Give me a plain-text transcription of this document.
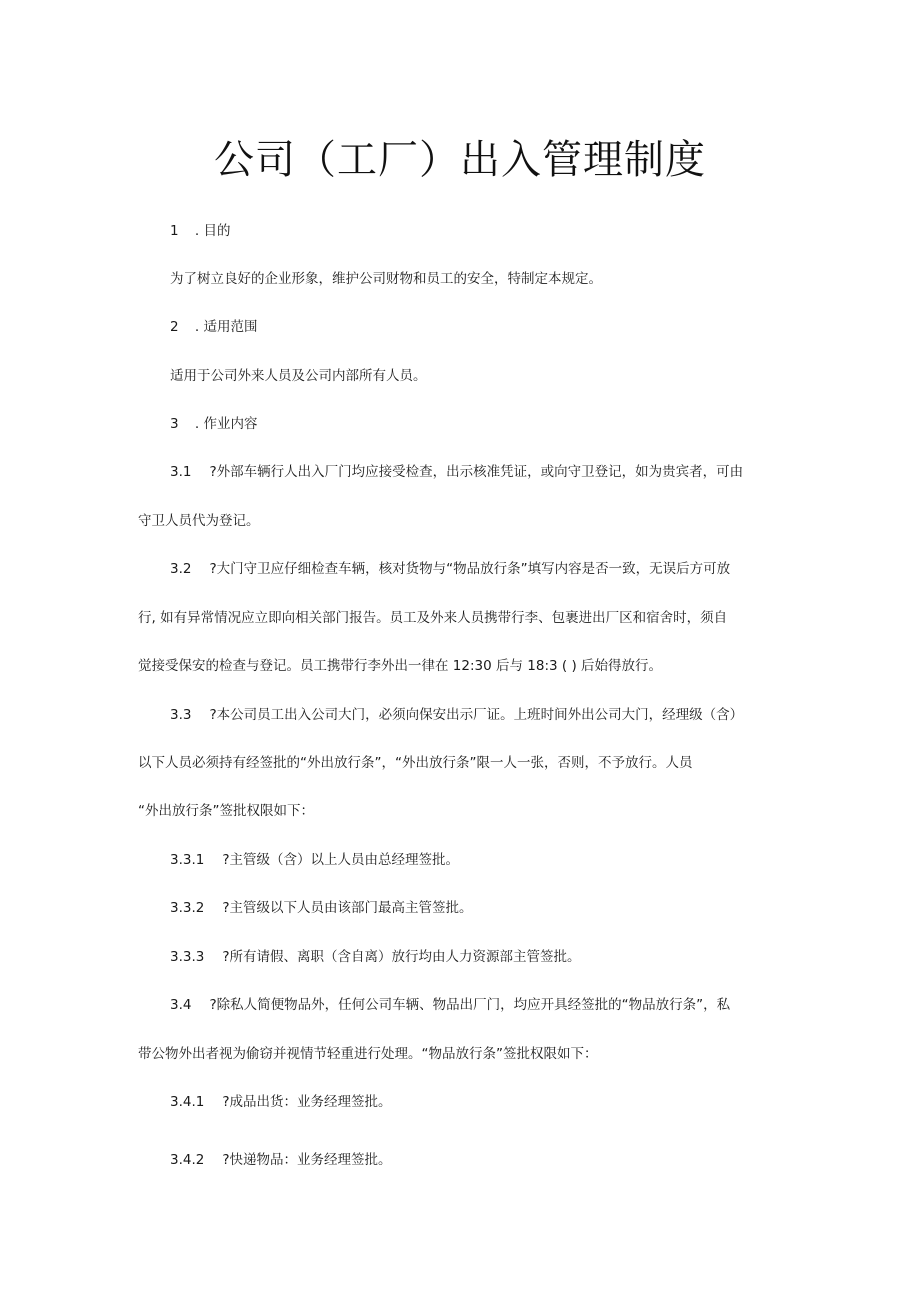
公司（工厂）出入管理制度

1 . 目的

为了树立良好的企业形象，维护公司财物和员工的安全，特制定本规定。

2 . 适用范围

适用于公司外来人员及公司内部所有人员。

3 . 作业内容

3.1 ?外部车辆行人出入厂门均应接受检查，出示核准凭证，或向守卫登记，如为贵宾者，可由

守卫人员代为登记。

3.2 ?大门守卫应仔细检查车辆，核对货物与“物品放行条”填写内容是否一致，无误后方可放

行, 如有异常情况应立即向相关部门报告。员工及外来人员携带行李、包裹进出厂区和宿舍时，须自

觉接受保安的检查与登记。员工携带行李外出一律在 12:30 后与 18:3 ( ) 后始得放行。

3.3 ?本公司员工出入公司大门，必须向保安出示厂证。上班时间外出公司大门，经理级（含）

以下人员必须持有经签批的“外出放行条”，“外出放行条”限一人一张，否则，不予放行。人员

“外出放行条”签批权限如下：

3.3.1 ?主管级（含）以上人员由总经理签批。

3.3.2 ?主管级以下人员由该部门最高主管签批。

3.3.3 ?所有请假、离职（含自离）放行均由人力资源部主管签批。

3.4 ?除私人简便物品外，任何公司车辆、物品出厂门，均应开具经签批的“物品放行条”，私

带公物外出者视为偷窃并视情节轻重进行处理。“物品放行条”签批权限如下：

3.4.1 ?成品出货：业务经理签批。

3.4.2 ?快递物品：业务经理签批。
